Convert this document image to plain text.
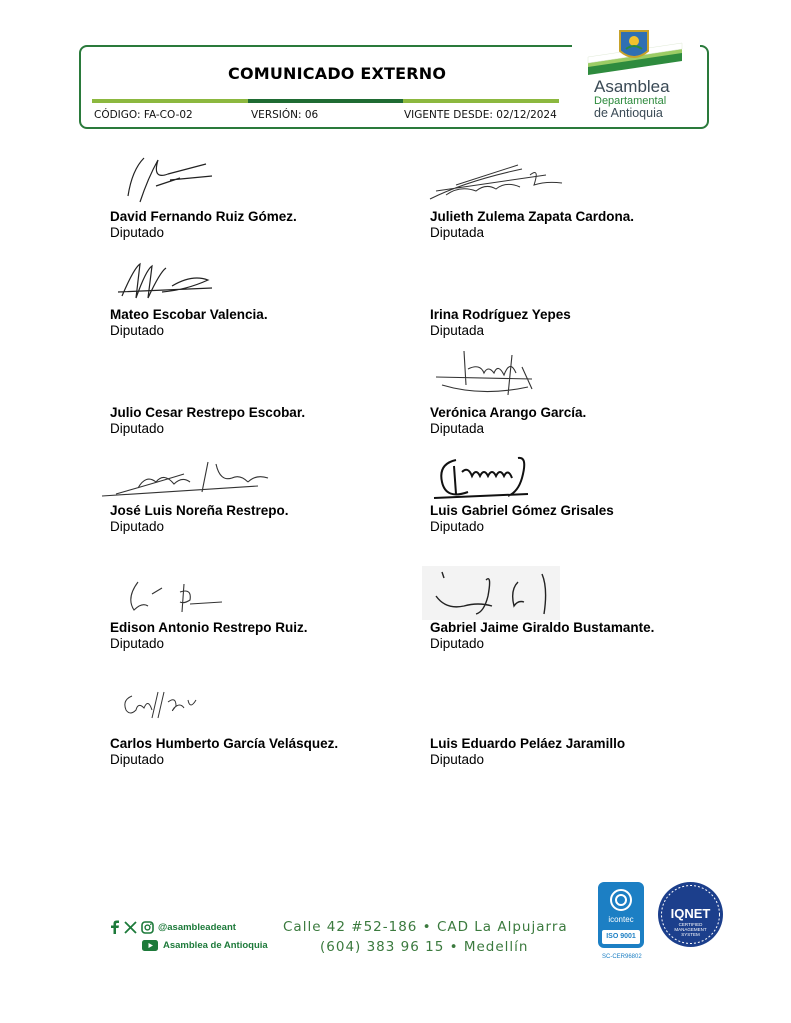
COMUNICADO EXTERNO
CÓDIGO: FA-CO-02	VERSIÓN: 06	VIGENTE DESDE: 02/12/2024
Asamblea
Departamental
de Antioquia
David Fernando Ruiz Gómez.
Diputado
Julieth Zulema Zapata Cardona.
Diputada
Mateo Escobar Valencia.
Diputado
Irina Rodríguez Yepes
Diputada
Julio Cesar Restrepo Escobar.
Diputado
Verónica Arango García.
Diputada
José Luis Noreña Restrepo.
Diputado
Luis Gabriel Gómez Grisales
Diputado
Edison Antonio Restrepo Ruiz.
Diputado
Gabriel Jaime Giraldo Bustamante.
Diputado
Carlos Humberto García Velásquez.
Diputado
Luis Eduardo Peláez Jaramillo
Diputado
@asambleadeant
Asamblea de Antioquia
Calle 42 #52-186 • CAD La Alpujarra
(604) 383 96 15 • Medellín
icontec
ISO 9001
SC-CER96802
IQNET
CERTIFIED MANAGEMENT SYSTEM
